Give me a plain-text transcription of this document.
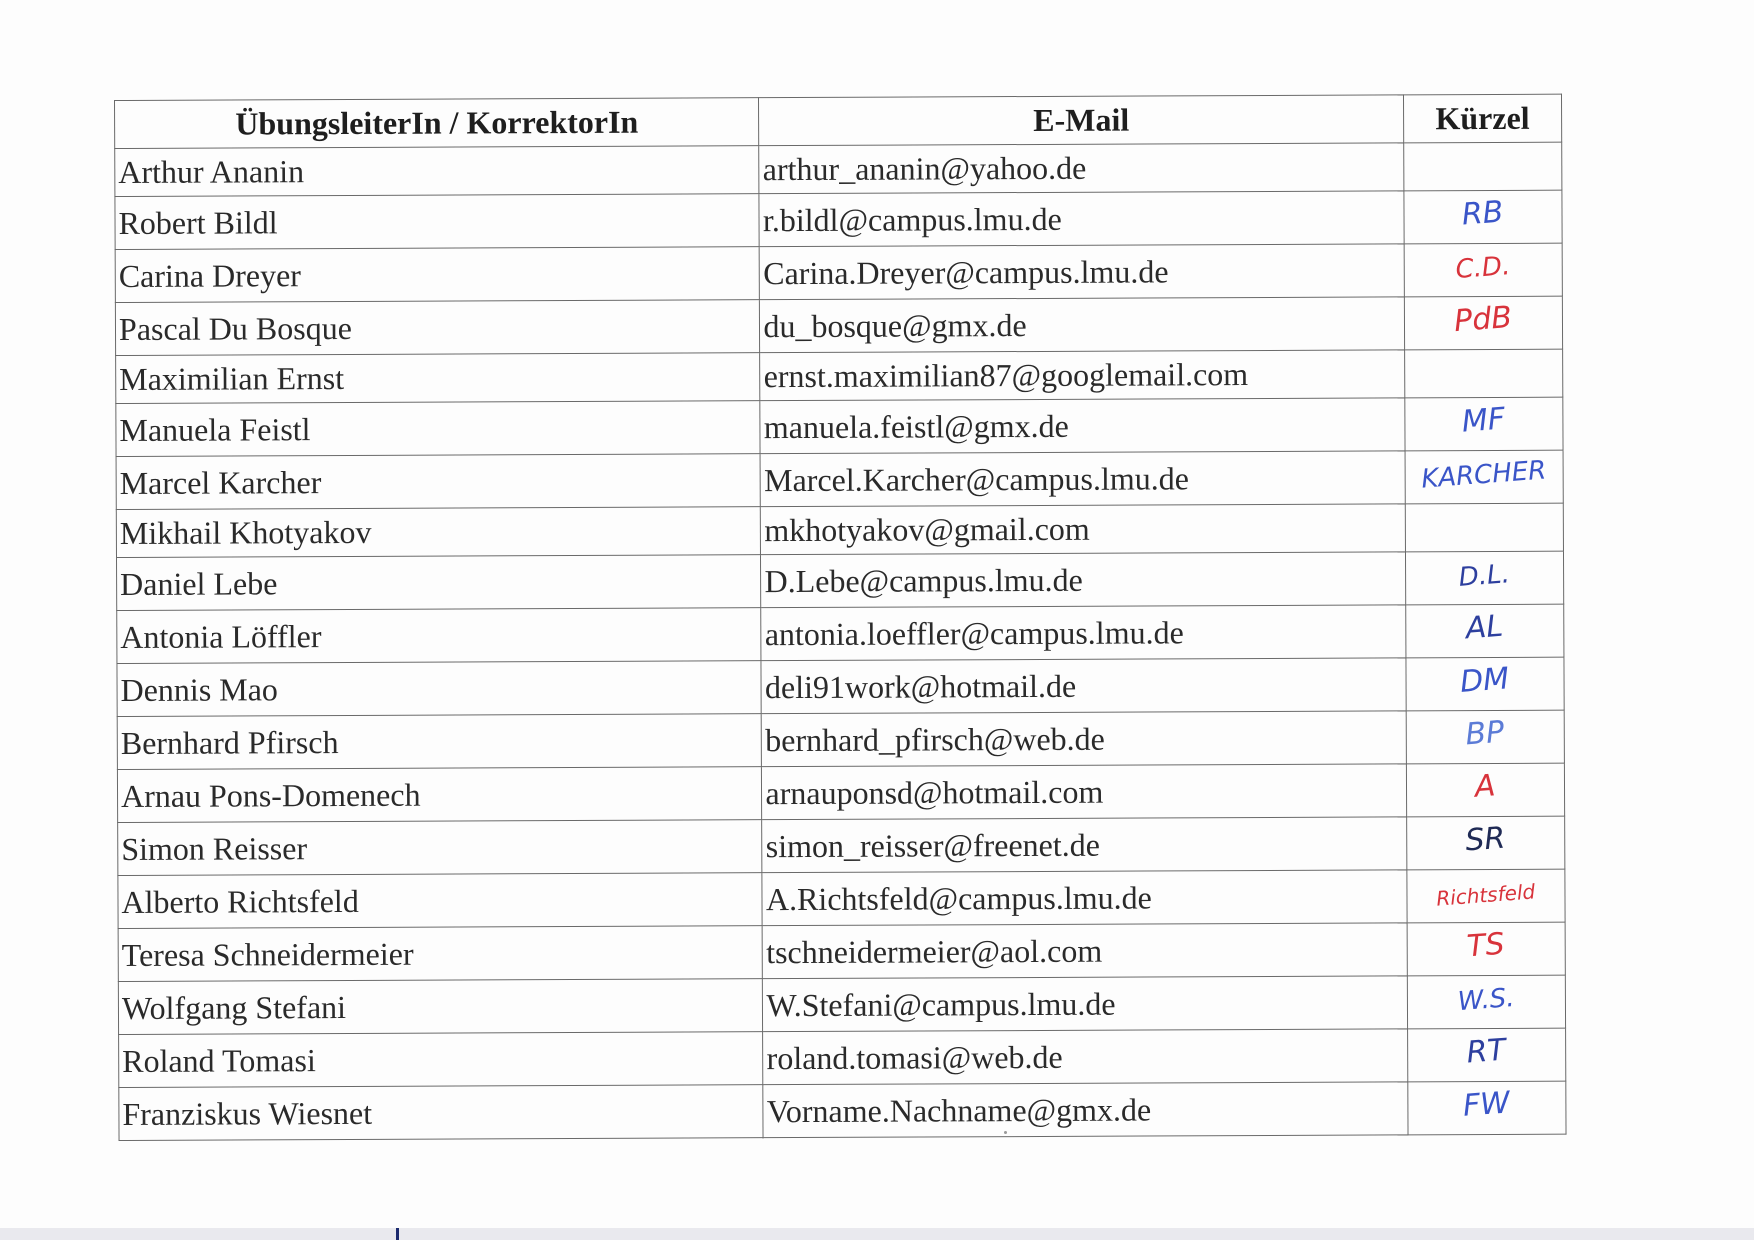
ÜbungsleiterIn / KorrektorIn	E-Mail	Kürzel
Arthur Ananin	arthur_ananin@yahoo.de	
Robert Bildl	r.bildl@campus.lmu.de	RB

Carina Dreyer	Carina.Dreyer@campus.lmu.de	C.D.

Pascal Du Bosque	du_bosque@gmx.de	PdB

Maximilian Ernst	ernst.maximilian87@googlemail.com	
Manuela Feistl	manuela.feistl@gmx.de	MF

Marcel Karcher	Marcel.Karcher@campus.lmu.de	KARCHER

Mikhail Khotyakov	mkhotyakov@gmail.com	
Daniel Lebe	D.Lebe@campus.lmu.de	D.L.

Antonia Löffler	antonia.loeffler@campus.lmu.de	AL

Dennis Mao	deli91work@hotmail.de	DM

Bernhard Pfirsch	bernhard_pfirsch@web.de	BP

Arnau Pons-Domenech	arnauponsd@hotmail.com	A

Simon Reisser	simon_reisser@freenet.de	SR

Alberto Richtsfeld	A.Richtsfeld@campus.lmu.de	Richtsfeld

Teresa Schneidermeier	tschneidermeier@aol.com	TS

Wolfgang Stefani	W.Stefani@campus.lmu.de	W.S.

Roland Tomasi	roland.tomasi@web.de	RT

Franziskus Wiesnet	Vorname.Nachname@gmx.de	FW
